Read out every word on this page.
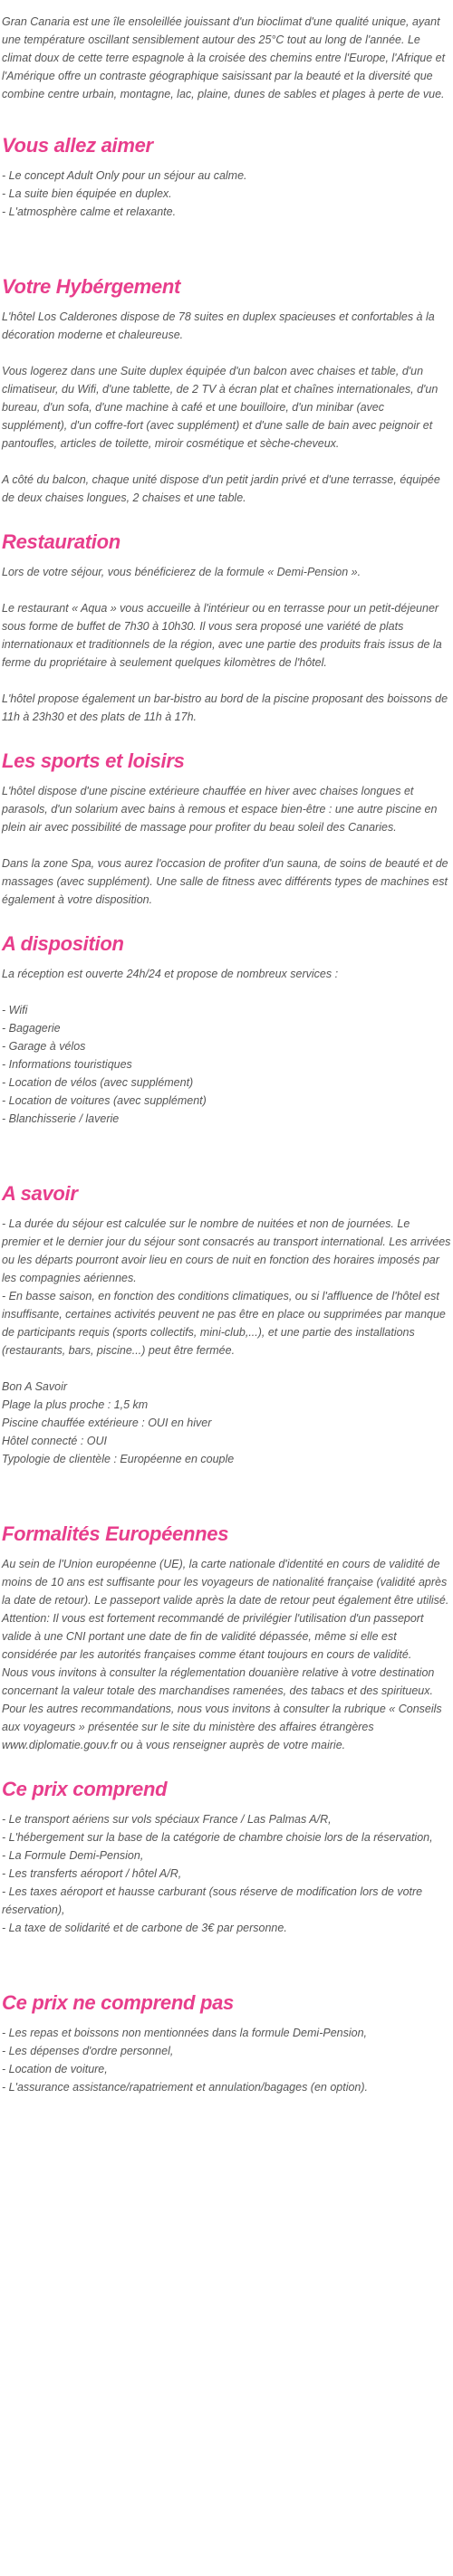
Gran Canaria est une île ensoleillée jouissant d'un bioclimat d'une qualité unique, ayant une température oscillant sensiblement autour des 25°C tout au long de l'année. Le climat doux de cette terre espagnole à la croisée des chemins entre l'Europe, l'Afrique et l'Amérique offre un contraste géographique saisissant par la beauté et la diversité que combine centre urbain, montagne, lac, plaine, dunes de sables et plages à perte de vue.

Vous allez aimer
- Le concept Adult Only pour un séjour au calme.
- La suite bien équipée en duplex.
- L'atmosphère calme et relaxante.
Votre Hybérgement

L'hôtel Los Calderones dispose de 78 suites en duplex spacieuses et confortables à la décoration moderne et chaleureuse.

Vous logerez dans une Suite duplex équipée d'un balcon avec chaises et table, d'un climatiseur, du Wifi, d'une tablette, de 2 TV à écran plat et chaînes internationales, d'un bureau, d'un sofa, d'une machine à café et une bouilloire, d'un minibar (avec supplément), d'un coffre-fort (avec supplément) et d'une salle de bain avec peignoir et pantoufles, articles de toilette, miroir cosmétique et sèche-cheveux.

A côté du balcon, chaque unité dispose d'un petit jardin privé et d'une terrasse, équipée de deux chaises longues, 2 chaises et une table.

Restauration

Lors de votre séjour, vous bénéficierez de la formule « Demi-Pension ».

Le restaurant « Aqua » vous accueille à l'intérieur ou en terrasse pour un petit-déjeuner sous forme de buffet de 7h30 à 10h30. Il vous sera proposé une variété de plats internationaux et traditionnels de la région, avec une partie des produits frais issus de la ferme du propriétaire à seulement quelques kilomètres de l'hôtel.

L'hôtel propose également un bar-bistro au bord de la piscine proposant des boissons de 11h à 23h30 et des plats de 11h à 17h.

Les sports et loisirs

L'hôtel dispose d'une piscine extérieure chauffée en hiver avec chaises longues et parasols, d'un solarium avec bains à remous et espace bien-être : une autre piscine en plein air avec possibilité de massage pour profiter du beau soleil des Canaries.

Dans la zone Spa, vous aurez l'occasion de profiter d'un sauna, de soins de beauté et de massages (avec supplément). Une salle de fitness avec différents types de machines est également à votre disposition.

A disposition

La réception est ouverte 24h/24 et propose de nombreux services :

- Wifi
- Bagagerie
- Garage à vélos
- Informations touristiques
- Location de vélos (avec supplément)
- Location de voitures (avec supplément)
- Blanchisserie / laverie
A savoir

- La durée du séjour est calculée sur le nombre de nuitées et non de journées. Le premier et le dernier jour du séjour sont consacrés au transport international. Les arrivées ou les départs pourront avoir lieu en cours de nuit en fonction des horaires imposés par les compagnies aériennes.
- En basse saison, en fonction des conditions climatiques, ou si l'affluence de l'hôtel est insuffisante, certaines activités peuvent ne pas être en place ou supprimées par manque de participants requis (sports collectifs, mini-club,...), et une partie des installations (restaurants, bars, piscine...) peut être fermée.

Bon A Savoir
Plage la plus proche : 1,5 km
Piscine chauffée extérieure : OUI en hiver
Hôtel connecté : OUI
Typologie de clientèle : Européenne en couple
Formalités Européennes

Au sein de l'Union européenne (UE), la carte nationale d'identité en cours de validité de moins de 10 ans est suffisante pour les voyageurs de nationalité française (validité après la date de retour). Le passeport valide après la date de retour peut également être utilisé. Attention: Il vous est fortement recommandé de privilégier l'utilisation d'un passeport valide à une CNI portant une date de fin de validité dépassée, même si elle est considérée par les autorités françaises comme étant toujours en cours de validité.
Nous vous invitons à consulter la réglementation douanière relative à votre destination concernant la valeur totale des marchandises ramenées, des tabacs et des spiritueux. Pour les autres recommandations, nous vous invitons à consulter la rubrique « Conseils aux voyageurs » présentée sur le site du ministère des affaires étrangères www.diplomatie.gouv.fr ou à vous renseigner auprès de votre mairie.

Ce prix comprend
- Le transport aériens sur vols spéciaux France / Las Palmas A/R,
- L'hébergement sur la base de la catégorie de chambre choisie lors de la réservation,
- La Formule Demi-Pension,
- Les transferts aéroport / hôtel A/R,
- Les taxes aéroport et hausse carburant (sous réserve de modification lors de votre réservation),
- La taxe de solidarité et de carbone de 3€ par personne.
Ce prix ne comprend pas
- Les repas et boissons non mentionnées dans la formule Demi-Pension,
- Les dépenses d'ordre personnel,
- Location de voiture,
- L'assurance assistance/rapatriement et annulation/bagages (en option).
